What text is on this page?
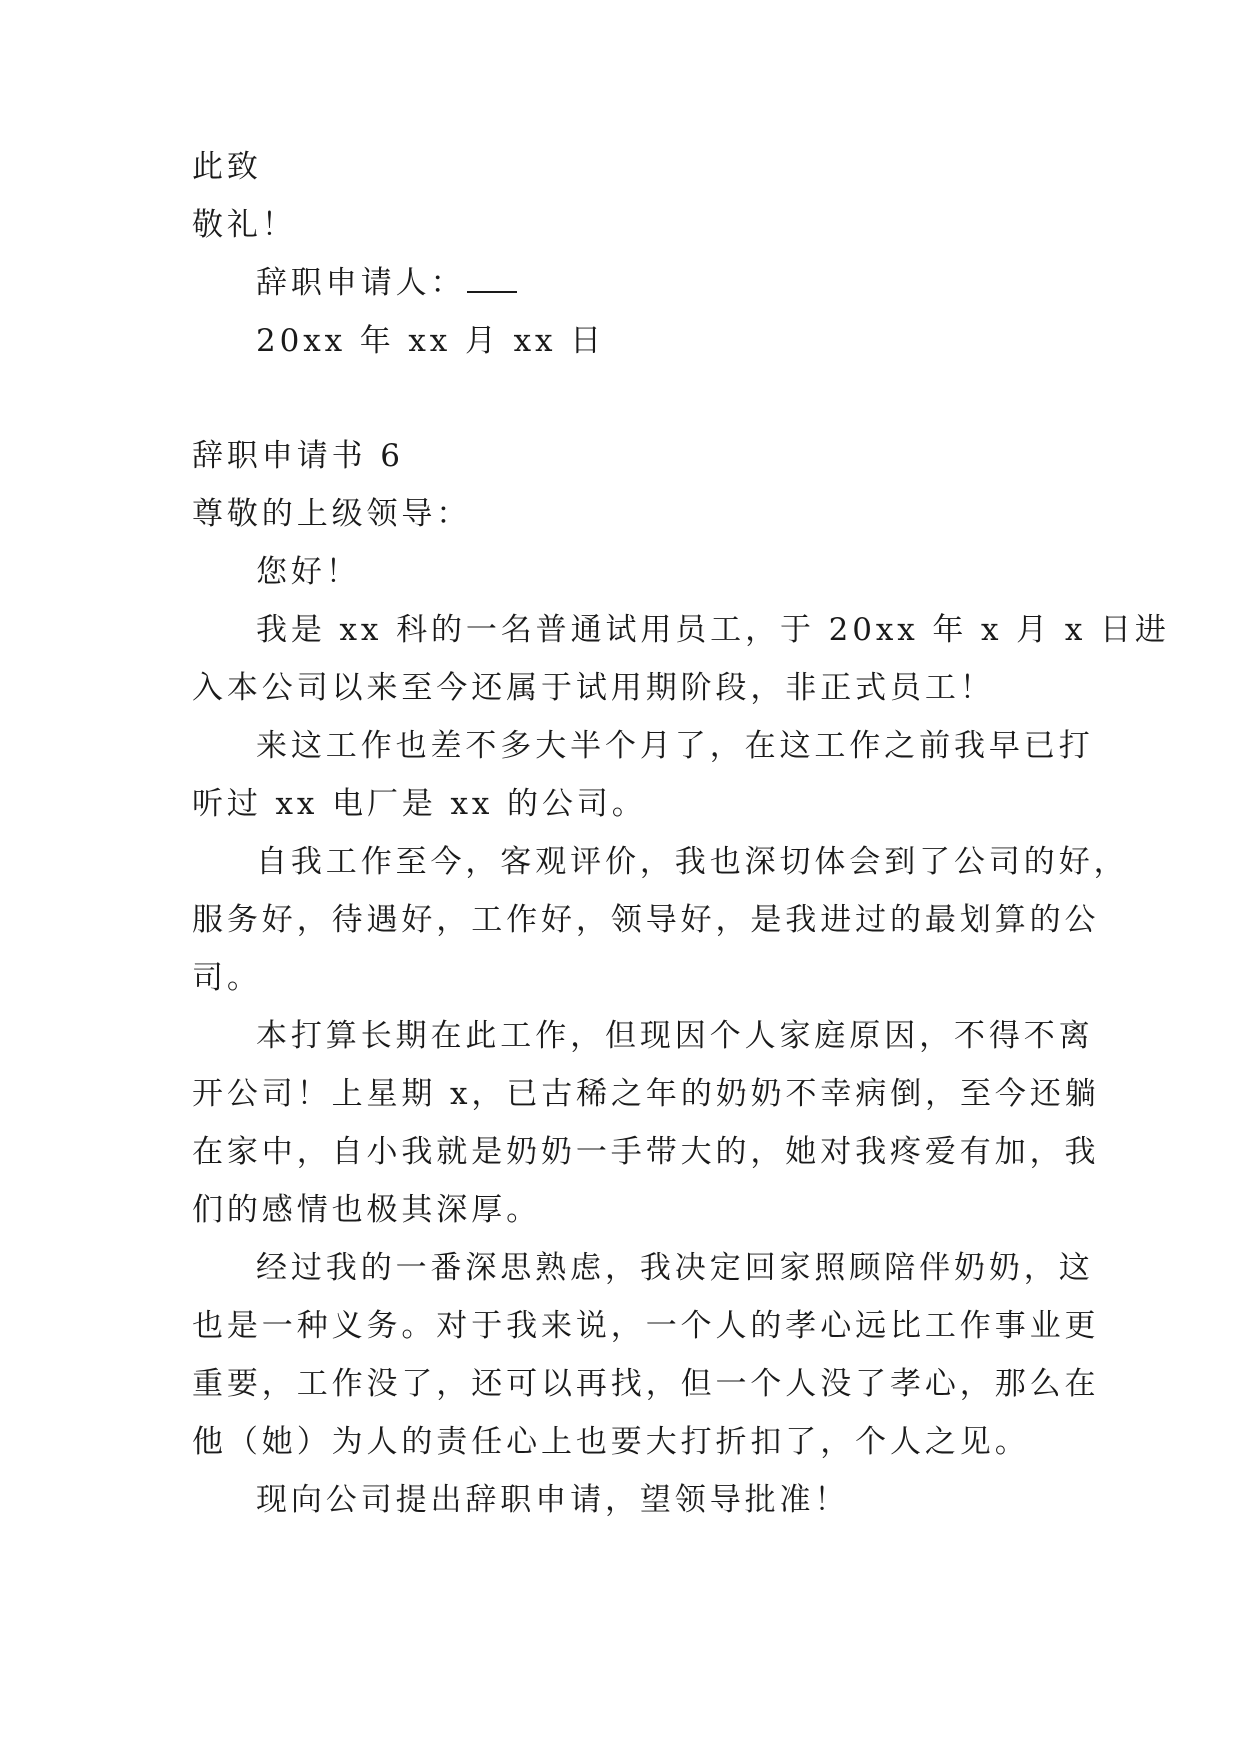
此致
敬礼！
辞职申请人：
20xx 年 xx 月 xx 日
辞职申请书 6
尊敬的上级领导：
您好！
我是 xx 科的一名普通试用员工，于 20xx 年 x 月 x 日进
入本公司以来至今还属于试用期阶段，非正式员工！
来这工作也差不多大半个月了，在这工作之前我早已打
听过 xx 电厂是 xx 的公司。
自我工作至今，客观评价，我也深切体会到了公司的好，
服务好，待遇好，工作好，领导好，是我进过的最划算的公
司。
本打算长期在此工作，但现因个人家庭原因，不得不离
开公司！上星期 x，已古稀之年的奶奶不幸病倒，至今还躺
在家中，自小我就是奶奶一手带大的，她对我疼爱有加，我
们的感情也极其深厚。
经过我的一番深思熟虑，我决定回家照顾陪伴奶奶，这
也是一种义务。对于我来说，一个人的孝心远比工作事业更
重要，工作没了，还可以再找，但一个人没了孝心，那么在
他（她）为人的责任心上也要大打折扣了，个人之见。
现向公司提出辞职申请，望领导批准！
